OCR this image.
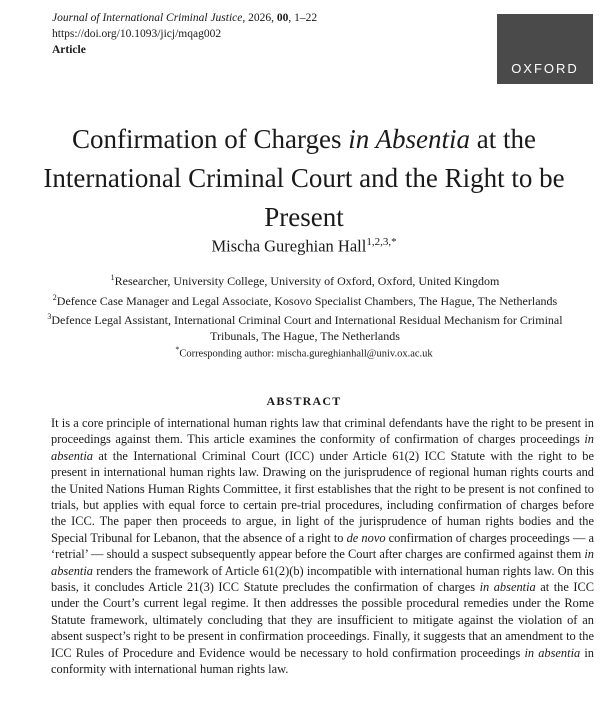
Journal of International Criminal Justice, 2026, 00, 1–22
https://doi.org/10.1093/jicj/mqag002
Article
OXFORD
Confirmation of Charges in Absentia at the International Criminal Court and the Right to be Present
Mischa Gureghian Hall$^{1,2,3,*}$
$^1$Researcher, University College, University of Oxford, Oxford, United Kingdom
$^2$Defence Case Manager and Legal Associate, Kosovo Specialist Chambers, The Hague, The Netherlands
$^3$Defence Legal Assistant, International Criminal Court and International Residual Mechanism for Criminal Tribunals, The Hague, The Netherlands
*Corresponding author: mischa.gureghianhall@univ.ox.ac.uk
ABSTRACT
It is a core principle of international human rights law that criminal defendants have the right to be present in proceedings against them. This article examines the conformity of confirmation of charges proceedings in absentia at the International Criminal Court (ICC) under Article 61(2) ICC Statute with the right to be present in international human rights law. Drawing on the jurisprudence of regional human rights courts and the United Nations Human Rights Committee, it first establishes that the right to be present is not confined to trials, but applies with equal force to certain pre-trial procedures, including confirmation of charges before the ICC. The paper then proceeds to argue, in light of the jurisprudence of human rights bodies and the Special Tribunal for Lebanon, that the absence of a right to de novo confirmation of charges proceedings — a ‘retrial’ — should a suspect subsequently appear before the Court after charges are confirmed against them in absentia renders the framework of Article 61(2)(b) incompatible with international human rights law. On this basis, it concludes Article 21(3) ICC Statute precludes the confirmation of charges in absentia at the ICC under the Court’s current legal regime. It then addresses the possible procedural remedies under the Rome Statute framework, ultimately concluding that they are insufficient to mitigate against the violation of an absent suspect’s right to be present in confirmation proceedings. Finally, it suggests that an amendment to the ICC Rules of Procedure and Evidence would be necessary to hold confirmation proceedings in absentia in conformity with international human rights law.
